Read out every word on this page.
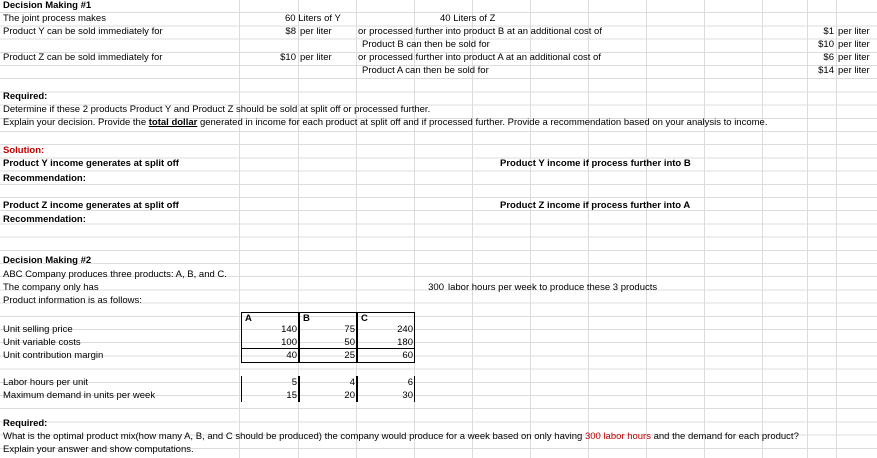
Decision Making #1
The joint process makes	60 Liters of Y	40 Liters of Z
Product Y can be sold immediately for	$8 per liter	or processed further into product B at an additional cost of	$1 per liter
Product B can then be sold for	$10 per liter
Product Z can be sold immediately for	$10 per liter	or processed further into product A at an additional cost of	$6 per liter
Product A can then be sold for	$14 per liter
Required:
Determine if these 2 products Product Y and Product Z should be sold at split off or processed further.
Explain your decision. Provide the total dollar generated in income for each product at split off and if processed further. Provide a recommendation based on your analysis to income.
Solution:
Product Y income generates at split off	Product Y income if process further into B
Recommendation:
Product Z income generates at split off	Product Z income if process further into A
Recommendation:
Decision Making #2
ABC Company produces three products: A, B, and C.
The company only has	300 labor hours per week to produce these 3 products
Product information is as follows:
A	B	C
Unit selling price	140	75	240
Unit variable costs	100	50	180
Unit contribution margin	40	25	60
Labor hours per unit	5	4	6
Maximum demand in units per week	15	20	30
Required:
What is the optimal product mix(how many A, B, and C should be produced) the company would produce for a week based on only having 300 labor hours and the demand for each product?
Explain your answer and show computations.
